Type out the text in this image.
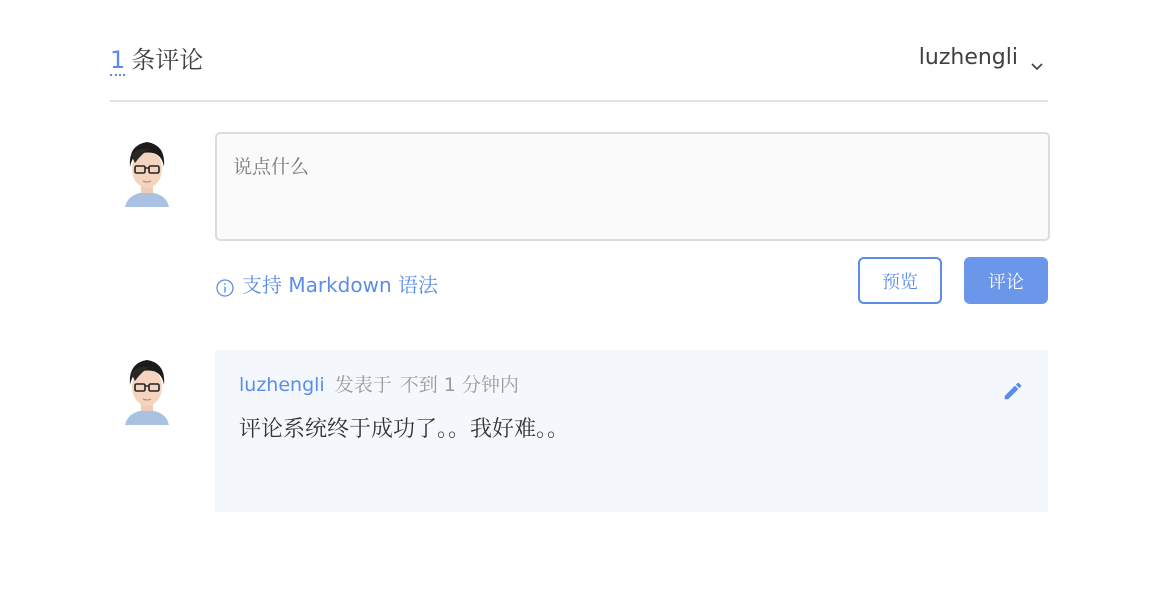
1 条评论	luzhengli
说点什么
支持 Markdown 语法	预览	评论
luzhengli 发表于 不到 1 分钟内
评论系统终于成功了。。我好难。。
